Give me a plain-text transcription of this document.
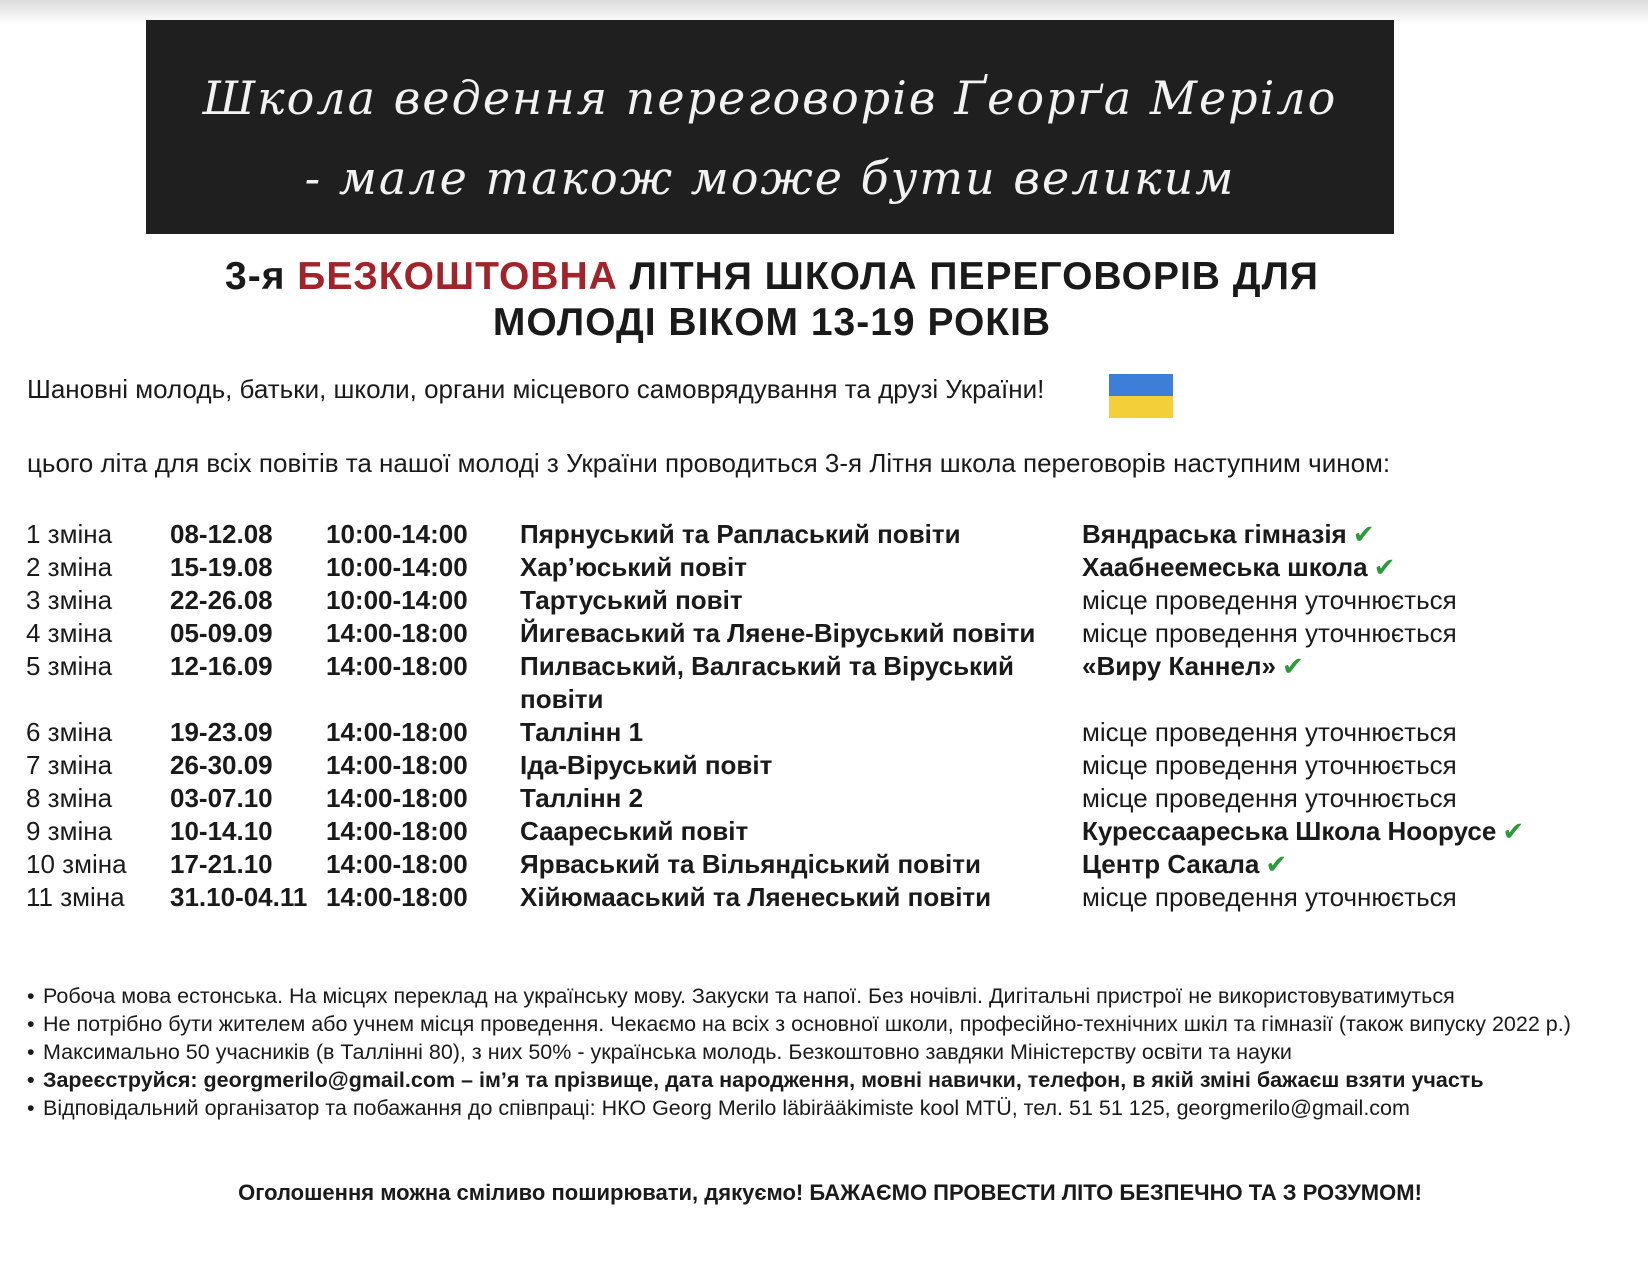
Школа ведення переговорів Ґеорґа Меріло
- мале також може бути великим
3-я БЕЗКОШТОВНА ЛІТНЯ ШКОЛА ПЕРЕГОВОРІВ ДЛЯ
МОЛОДІ ВІКОМ 13-19 РОКІВ
Шановні молодь, батьки, школи, органи місцевого самоврядування та друзі України!
цього літа для всіх повітів та нашої молоді з України проводиться 3-я Літня школа переговорів наступним чином:
1 зміна	08-12.08	10:00-14:00	Пярнуський та Рапласький повіти	Вяндраська гімназія ✔
2 зміна	15-19.08	10:00-14:00	Хар’юський повіт	Хаабнеемеська школа ✔
3 зміна	22-26.08	10:00-14:00	Тартуський повіт	місце проведення уточнюється
4 зміна	05-09.09	14:00-18:00	Йигеваський та Ляене-Віруський повіти	місце проведення уточнюється
5 зміна	12-16.09	14:00-18:00	Пилваський, Валгаський та Віруський	«Виру Каннел» ✔
			повіти	
6 зміна	19-23.09	14:00-18:00	Таллінн 1	місце проведення уточнюється
7 зміна	26-30.09	14:00-18:00	Іда-Віруський повіт	місце проведення уточнюється
8 зміна	03-07.10	14:00-18:00	Таллінн 2	місце проведення уточнюється
9 зміна	10-14.10	14:00-18:00	Саареський повіт	Курессаареська Школа Ноорусе ✔
10 зміна	17-21.10	14:00-18:00	Ярваський та Вільяндіський повіти	Центр Сакала ✔
11 зміна	31.10-04.11	14:00-18:00	Хійюмааський та Ляенеський повіти	місце проведення уточнюється
• Робоча мова естонська. На місцях переклад на українську мову. Закуски та напої. Без ночівлі. Дигітальні пристрої не використовуватимуться
• Не потрібно бути жителем або учнем місця проведення. Чекаємо на всіх з основної школи, професійно-технічних шкіл та гімназії (також випуску 2022 р.)
• Максимально 50 учасників (в Таллінні 80), з них 50% - українська молодь. Безкоштовно завдяки Міністерству освіти та науки
• Зареєструйся: georgmerilo@gmail.com – ім’я та прізвище, дата народження, мовні навички, телефон, в якій зміні бажаєш взяти участь
• Відповідальний організатор та побажання до співпраці: НКО Georg Merilo läbirääkimiste kool MTÜ, тел. 51 51 125, georgmerilo@gmail.com
Оголошення можна сміливо поширювати, дякуємо! БАЖАЄМО ПРОВЕСТИ ЛІТО БЕЗПЕЧНО ТА З РОЗУМОМ!
